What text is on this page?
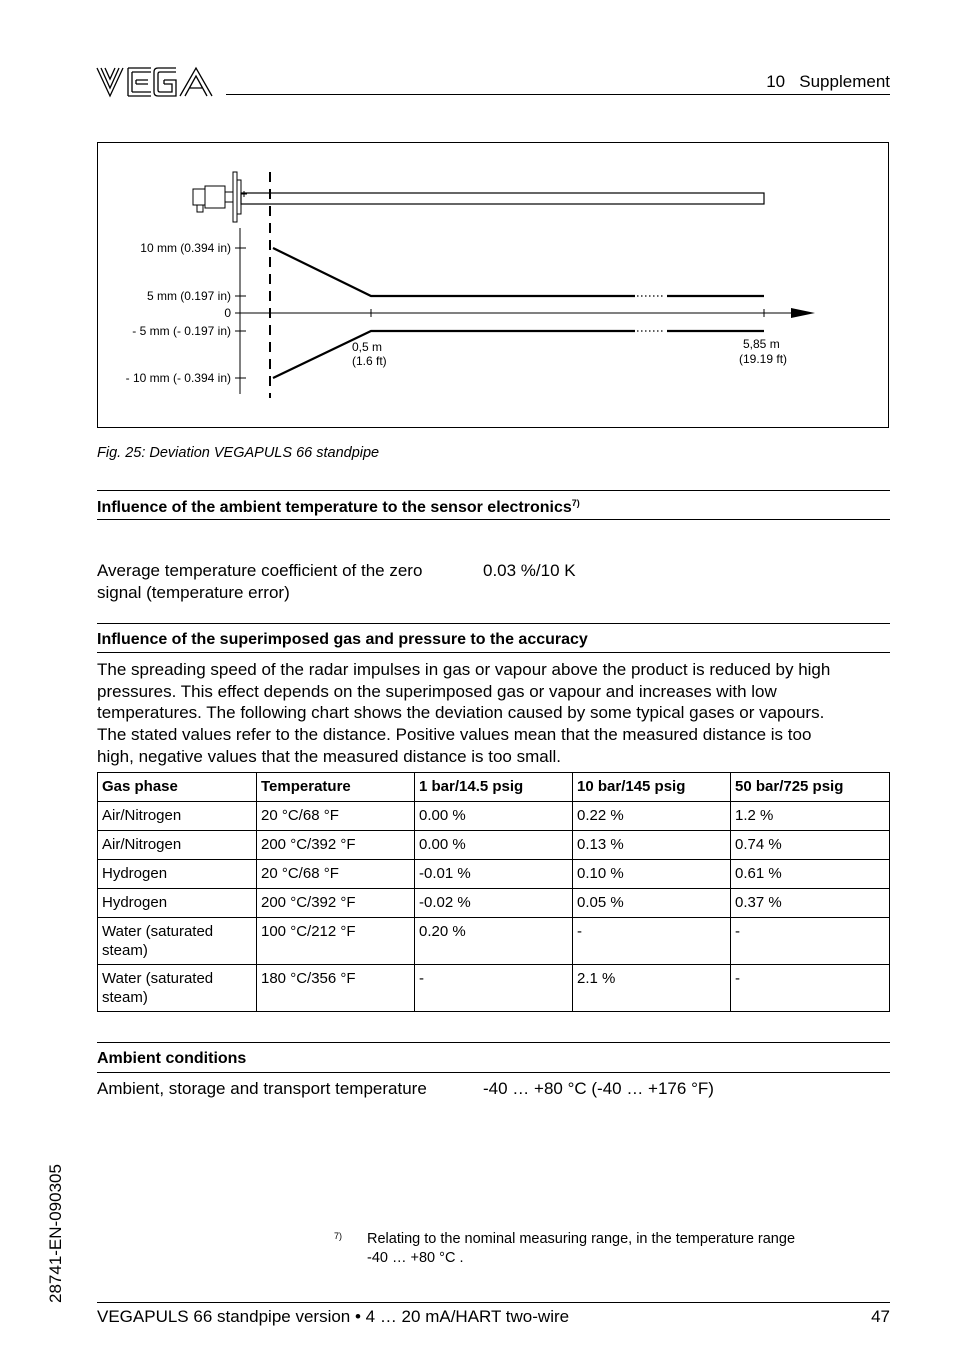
10   Supplement
10 mm (0.394 in)
5 mm (0.197 in)
0
- 5 mm (- 0.197 in)
- 10 mm (- 0.394 in)
0,5 m
(1.6 ft)
5,85 m
(19.19 ft)
Fig. 25: Deviation VEGAPULS 66 standpipe
Influence of the ambient temperature to the sensor electronics$^{7)}$
Average temperature coefficient of the zero
signal (temperature error)
0.03 %/10 K
Influence of the superimposed gas and pressure to the accuracy
The spreading speed of the radar impulses in gas or vapour above the product is reduced by high
pressures. This effect depends on the superimposed gas or vapour and increases with low
temperatures. The following chart shows the deviation caused by some typical gases or vapours.
The stated values refer to the distance. Positive values mean that the measured distance is too
high, negative values that the measured distance is too small.
Gas phase	Temperature	1 bar/14.5 psig	10 bar/145 psig	50 bar/725 psig
Air/Nitrogen	20 °C/68 °F	0.00 %	0.22 %	1.2 %
Air/Nitrogen	200 °C/392 °F	0.00 %	0.13 %	0.74 %
Hydrogen	20 °C/68 °F	-0.01 %	0.10 %	0.61 %
Hydrogen	200 °C/392 °F	-0.02 %	0.05 %	0.37 %
Water (saturated steam)	100 °C/212 °F	0.20 %	-	-
Water (saturated steam)	180 °C/356 °F	-	2.1 %	-
Ambient conditions
Ambient, storage and transport temperature	-40 … +80 °C (-40 … +176 °F)
7) Relating to the nominal measuring range, in the temperature range
-40 … +80 °C .
28741-EN-090305
VEGAPULS 66 standpipe version • 4 … 20 mA/HART two-wire	47
